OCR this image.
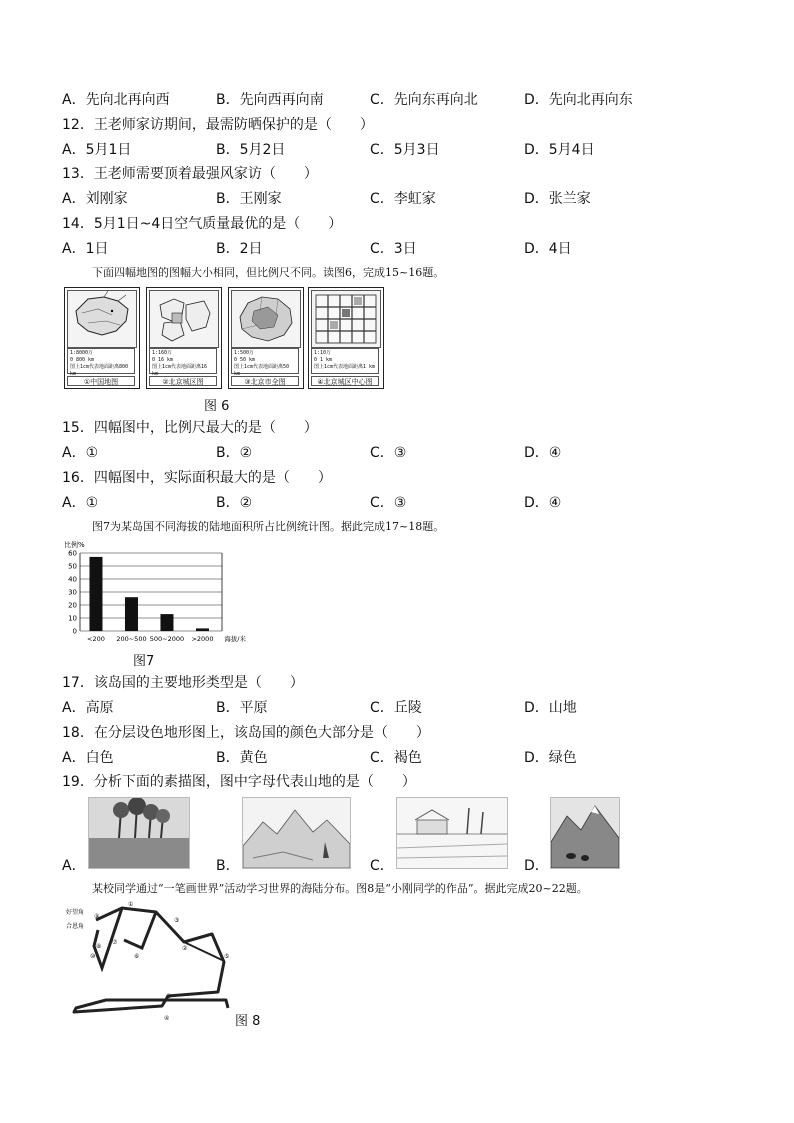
A．先向北再向西	B．先向西再向南	C．先向东再向北	D．先向北再向东
12．王老师家访期间，最需防晒保护的是（　　）
A．5月1日	B．5月2日	C．5月3日	D．5月4日
13．王老师需要顶着最强风家访（　　）
A．刘刚家	B．王刚家	C．李虹家	D．张兰家
14．5月1日~4日空气质量最优的是（　　）
A．1日	B．2日	C．3日	D．4日
下面四幅地图的图幅大小相同，但比例尺不同。读图6，完成15~16题。
1:8000万
0 800 km
图上1cm代表地面距离800 km
①中国地图
1:160万
0 16 km
图上1cm代表地面距离16 km
②北京城区图
1:500万
0 50 km
图上1cm代表地面距离50 km
③北京市全图
1:10万
0 1 km
图上1cm代表地面距离1 km
④北京城区中心图
图 6
15．四幅图中，比例尺最大的是（　　）
A．①	B．②	C．③	D．④
16．四幅图中，实际面积最大的是（　　）
A．①	B．②	C．③	D．④
图7为某岛国不同海拔的陆地面积所占比例统计图。据此完成17~18题。
比例%
0
10
20
30
40
50
60
<200 200~500 500~2000 >2000 海拔/米
图7
17．该岛国的主要地形类型是（　　）
A．高原	B．平原	C．丘陵	D．山地
18．在分层设色地形图上，该岛国的颜色大部分是（　　）
A．白色	B．黄色	C．褐色	D．绿色
19．分析下面的素描图，图中字母代表山地的是（　　）
A．	B．	C．	D．
某校同学通过“一笔画世界”活动学习世界的海陆分布。图8是“小刚同学的作品”。据此完成20~22题。
①
③
②
⑤
⑦
⑥
⑧
⑩
③
④
⑨
好望角
合恩角
图 8
